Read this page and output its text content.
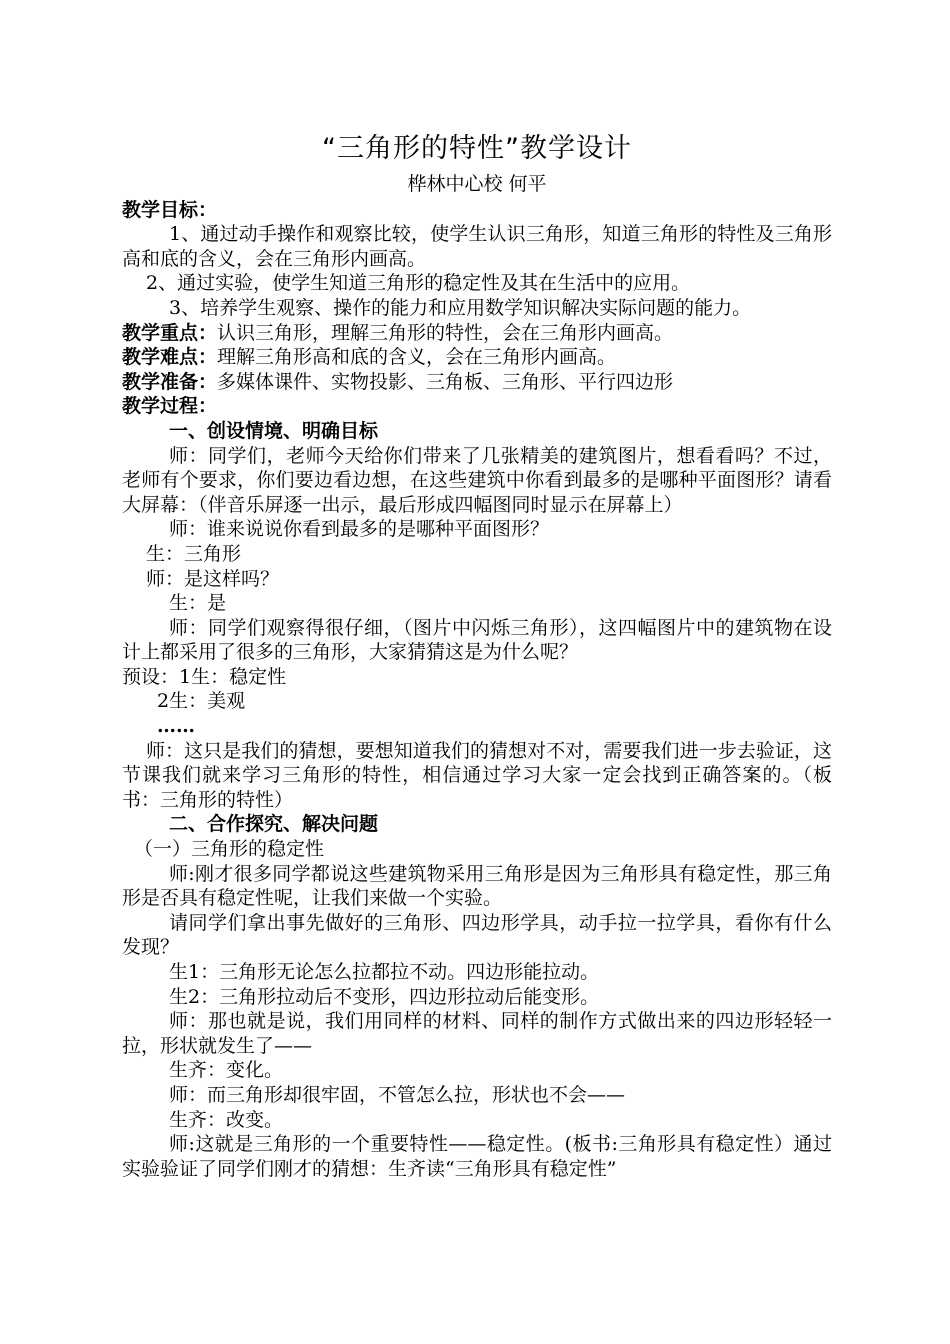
“三角形的特性”教学设计
桦林中心校 何平
教学目标：
1、通过动手操作和观察比较，使学生认识三角形，知道三角形的特性及三角形高和底的含义，会在三角形内画高。
2、通过实验，使学生知道三角形的稳定性及其在生活中的应用。
3、培养学生观察、操作的能力和应用数学知识解决实际问题的能力。
教学重点：认识三角形，理解三角形的特性，会在三角形内画高。
教学难点：理解三角形高和底的含义，会在三角形内画高。
教学准备：多媒体课件、实物投影、三角板、三角形、平行四边形
教学过程：
一、创设情境、明确目标
师：同学们，老师今天给你们带来了几张精美的建筑图片，想看看吗？不过，老师有个要求，你们要边看边想，在这些建筑中你看到最多的是哪种平面图形？请看大屏幕：（伴音乐屏逐一出示，最后形成四幅图同时显示在屏幕上）
师：谁来说说你看到最多的是哪种平面图形？
生：三角形
师：是这样吗？
生：是
师：同学们观察得很仔细，（图片中闪烁三角形），这四幅图片中的建筑物在设计上都采用了很多的三角形，大家猜猜这是为什么呢？
预设：1生：稳定性
2生：美观
……
师：这只是我们的猜想，要想知道我们的猜想对不对，需要我们进一步去验证，这节课我们就来学习三角形的特性，相信通过学习大家一定会找到正确答案的。（板书：三角形的特性）
二、合作探究、解决问题
（一）三角形的稳定性
师:刚才很多同学都说这些建筑物采用三角形是因为三角形具有稳定性，那三角形是否具有稳定性呢，让我们来做一个实验。
请同学们拿出事先做好的三角形、四边形学具，动手拉一拉学具，看你有什么发现？
生1：三角形无论怎么拉都拉不动。四边形能拉动。
生2：三角形拉动后不变形，四边形拉动后能变形。
师：那也就是说，我们用同样的材料、同样的制作方式做出来的四边形轻轻一拉，形状就发生了——
生齐：变化。
师：而三角形却很牢固，不管怎么拉，形状也不会——
生齐：改变。
师:这就是三角形的一个重要特性——稳定性。(板书:三角形具有稳定性）通过实验验证了同学们刚才的猜想：生齐读“三角形具有稳定性”
